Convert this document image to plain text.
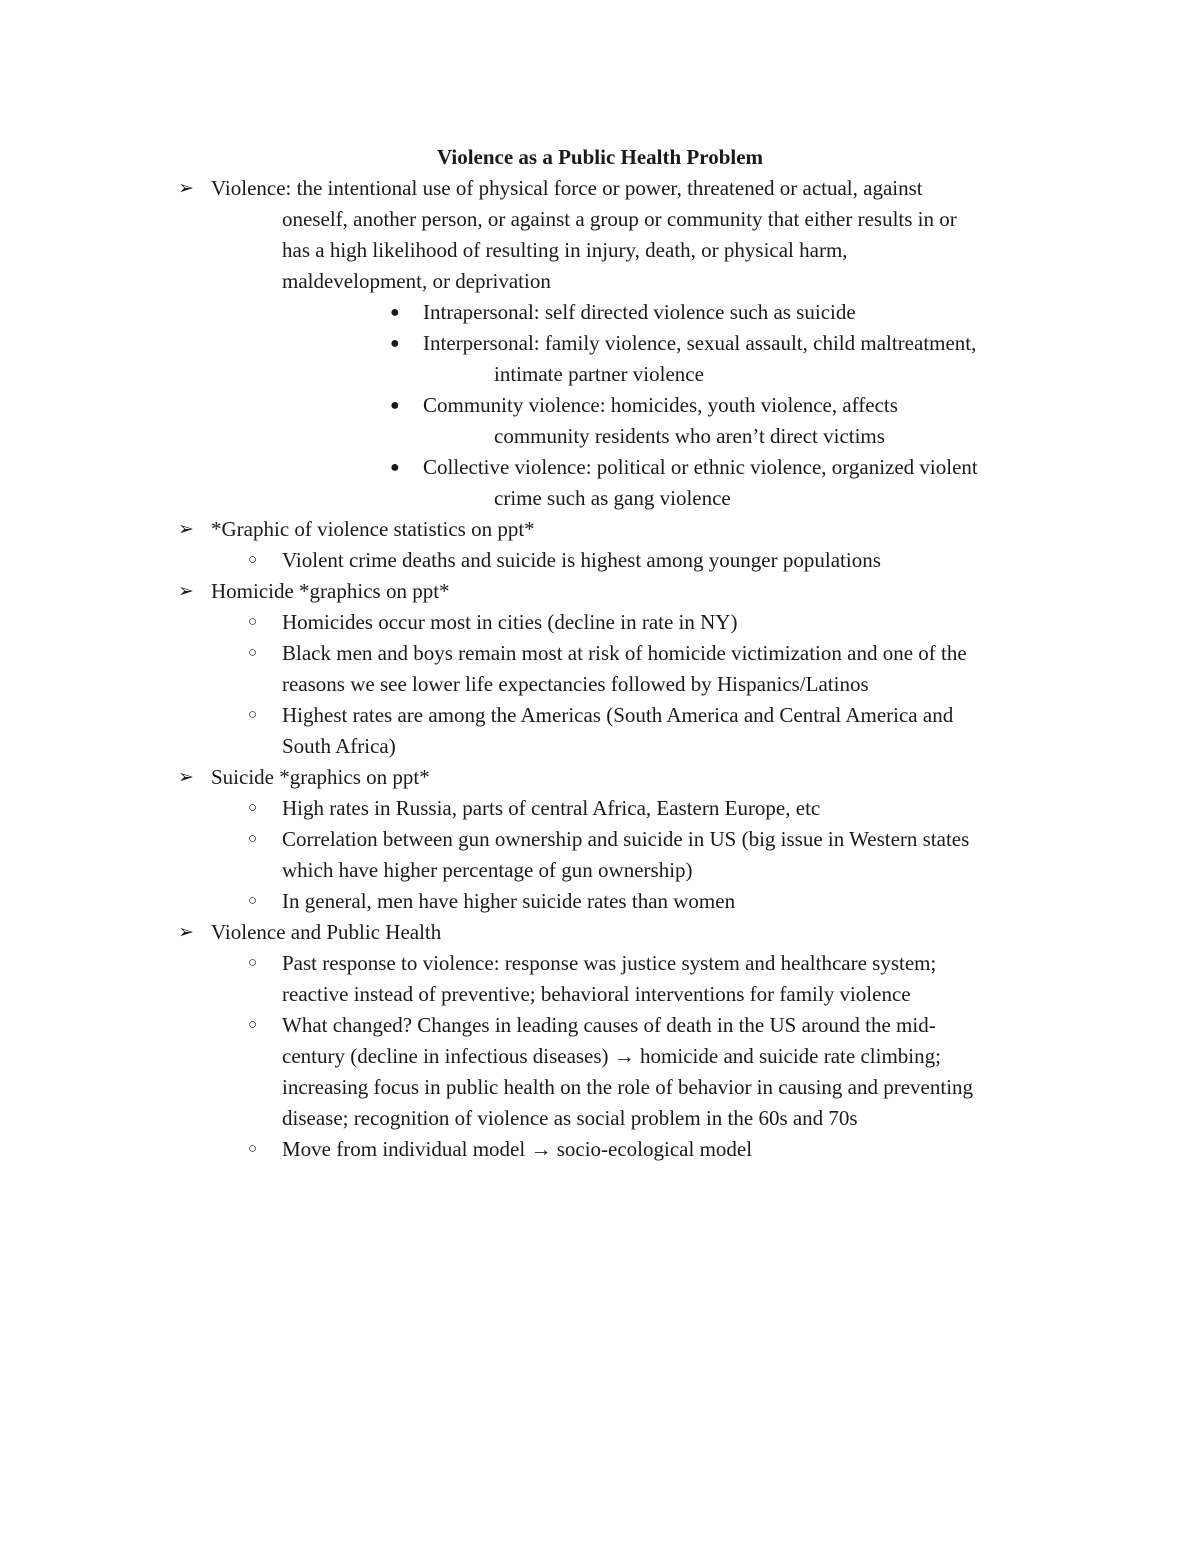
Violence as a Public Health Problem
➢ Violence: the intentional use of physical force or power, threatened or actual, against
oneself, another person, or against a group or community that either results in or
has a high likelihood of resulting in injury, death, or physical harm,
maldevelopment, or deprivation
● Intrapersonal: self directed violence such as suicide
● Interpersonal: family violence, sexual assault, child maltreatment,
intimate partner violence
● Community violence: homicides, youth violence, affects
community residents who aren’t direct victims
● Collective violence: political or ethnic violence, organized violent
crime such as gang violence
➢ *Graphic of violence statistics on ppt*
○ Violent crime deaths and suicide is highest among younger populations
➢ Homicide *graphics on ppt*
○ Homicides occur most in cities (decline in rate in NY)
○ Black men and boys remain most at risk of homicide victimization and one of the
reasons we see lower life expectancies followed by Hispanics/Latinos
○ Highest rates are among the Americas (South America and Central America and
South Africa)
➢ Suicide *graphics on ppt*
○ High rates in Russia, parts of central Africa, Eastern Europe, etc
○ Correlation between gun ownership and suicide in US (big issue in Western states
which have higher percentage of gun ownership)
○ In general, men have higher suicide rates than women
➢ Violence and Public Health
○ Past response to violence: response was justice system and healthcare system;
reactive instead of preventive; behavioral interventions for family violence
○ What changed? Changes in leading causes of death in the US around the mid-
century (decline in infectious diseases) → homicide and suicide rate climbing;
increasing focus in public health on the role of behavior in causing and preventing
disease; recognition of violence as social problem in the 60s and 70s
○ Move from individual model → socio-ecological model
